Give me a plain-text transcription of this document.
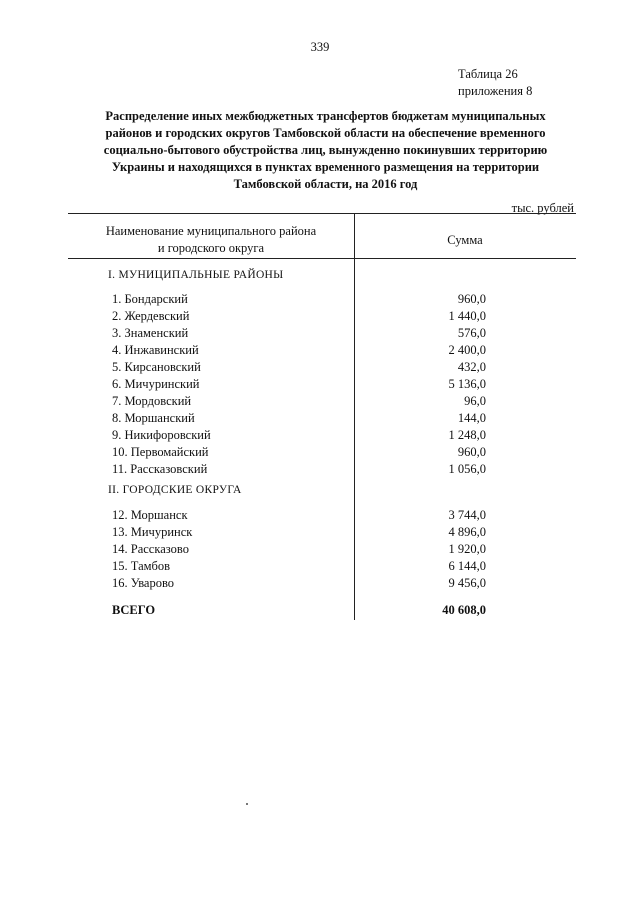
339
Таблица 26
приложения 8
Распределение иных межбюджетных трансфертов бюджетам муниципальных
районов и городских округов Тамбовской области на обеспечение временного
социально-бытового обустройства лиц, вынужденно покинувших территорию
Украины и находящихся в пунктах временного размещения на территории
Тамбовской области, на 2016 год
тыс. рублей
Наименование муниципального района
и городского округа
Сумма
I. МУНИЦИПАЛЬНЫЕ РАЙОНЫ
1. Бондарский	960,0
2. Жердевский	1 440,0
3. Знаменский	576,0
4. Инжавинский	2 400,0
5. Кирсановский	432,0
6. Мичуринский	5 136,0
7. Мордовский	96,0
8. Моршанский	144,0
9. Никифоровский	1 248,0
10. Первомайский	960,0
11. Рассказовский	1 056,0
II. ГОРОДСКИЕ ОКРУГА
12. Моршанск	3 744,0
13. Мичуринск	4 896,0
14. Рассказово	1 920,0
15. Тамбов	6 144,0
16. Уварово	9 456,0
ВСЕГО	40 608,0
